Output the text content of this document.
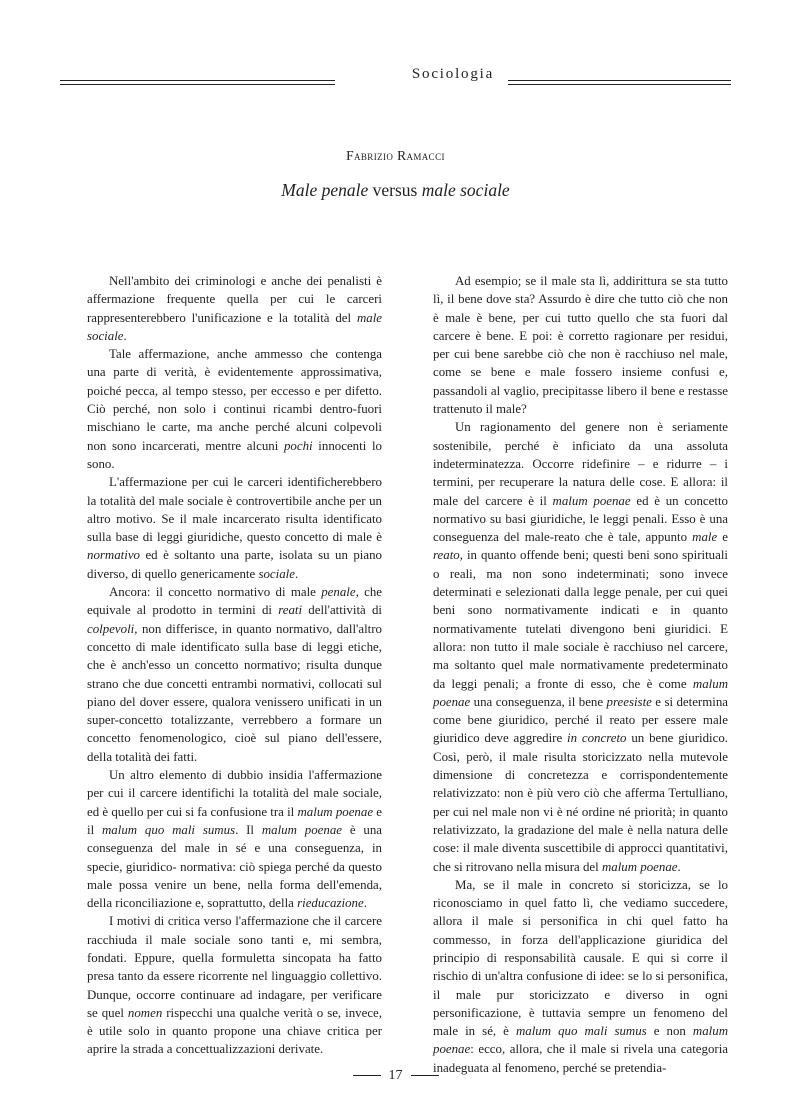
Sociologia
Fabrizio Ramacci
Male penale versus male sociale

Nell'ambito dei criminologi e anche dei penalisti è affermazione frequente quella per cui le carceri rappresenterebbero l'unificazione e la totalità del male sociale.

Tale affermazione, anche ammesso che contenga una parte di verità, è evidentemente approssimativa, poiché pecca, al tempo stesso, per eccesso e per difetto. Ciò perché, non solo i continui ricambi dentro-fuori mischiano le carte, ma anche perché alcuni colpevoli non sono incarcerati, mentre alcuni pochi innocenti lo sono.

L'affermazione per cui le carceri identificherebbero la totalità del male sociale è controvertibile anche per un altro motivo. Se il male incarcerato risulta identificato sulla base di leggi giuridiche, questo concetto di male è normativo ed è soltanto una parte, isolata su un piano diverso, di quello genericamente sociale.

Ancora: il concetto normativo di male penale, che equivale al prodotto in termini di reati dell'attività di colpevoli, non differisce, in quanto normativo, dall'altro concetto di male identificato sulla base di leggi etiche, che è anch'esso un concetto normativo; risulta dunque strano che due concetti entrambi normativi, collocati sul piano del dover essere, qualora venissero unificati in un super-concetto totalizzante, verrebbero a formare un concetto fenomenologico, cioè sul piano dell'essere, della totalità dei fatti.

Un altro elemento di dubbio insidia l'affermazione per cui il carcere identifichi la totalità del male sociale, ed è quello per cui si fa confusione tra il malum poenae e il malum quo mali sumus. Il malum poenae è una conseguenza del male in sé e una conseguenza, in specie, giuridico- normativa: ciò spiega perché da questo male possa venire un bene, nella forma dell'emenda, della riconciliazione e, soprattutto, della rieducazione.

I motivi di critica verso l'affermazione che il carcere racchiuda il male sociale sono tanti e, mi sembra, fondati. Eppure, quella formuletta sincopata ha fatto presa tanto da essere ricorrente nel linguaggio collettivo. Dunque, occorre continuare ad indagare, per verificare se quel nomen rispecchi una qualche verità o se, invece, è utile solo in quanto propone una chiave critica per aprire la strada a concettualizzazioni derivate.

Ad esempio; se il male sta lì, addirittura se sta tutto lì, il bene dove sta? Assurdo è dire che tutto ciò che non è male è bene, per cui tutto quello che sta fuori dal carcere è bene. E poi: è corretto ragionare per residui, per cui bene sarebbe ciò che non è racchiuso nel male, come se bene e male fossero insieme confusi e, passandoli al vaglio, precipitasse libero il bene e restasse trattenuto il male?

Un ragionamento del genere non è seriamente sostenibile, perché è inficiato da una assoluta indeterminatezza. Occorre ridefinire – e ridurre – i termini, per recuperare la natura delle cose. E allora: il male del carcere è il malum poenae ed è un concetto normativo su basi giuridiche, le leggi penali. Esso è una conseguenza del male-reato che è tale, appunto male e reato, in quanto offende beni; questi beni sono spirituali o reali, ma non sono indeterminati; sono invece determinati e selezionati dalla legge penale, per cui quei beni sono normativamente indicati e in quanto normativamente tutelati divengono beni giuridici. E allora: non tutto il male sociale è racchiuso nel carcere, ma soltanto quel male normativamente predeterminato da leggi penali; a fronte di esso, che è come malum poenae una conseguenza, il bene preesiste e si determina come bene giuridico, perché il reato per essere male giuridico deve aggredire in concreto un bene giuridico. Così, però, il male risulta storicizzato nella mutevole dimensione di concretezza e corrispondentemente relativizzato: non è più vero ciò che afferma Tertulliano, per cui nel male non vi è né ordine né priorità; in quanto relativizzato, la gradazione del male è nella natura delle cose: il male diventa suscettibile di approcci quantitativi, che si ritrovano nella misura del malum poenae.

Ma, se il male in concreto si storicizza, se lo riconosciamo in quel fatto lì, che vediamo succedere, allora il male si personifica in chi quel fatto ha commesso, in forza dell'applicazione giuridica del principio di responsabilità causale. E qui si corre il rischio di un'altra confusione di idee: se lo si personifica, il male pur storicizzato e diverso in ogni personificazione, è tuttavia sempre un fenomeno del male in sé, è malum quo mali sumus e non malum poenae: ecco, allora, che il male si rivela una categoria inadeguata al fenomeno, perché se pretendia-

17
